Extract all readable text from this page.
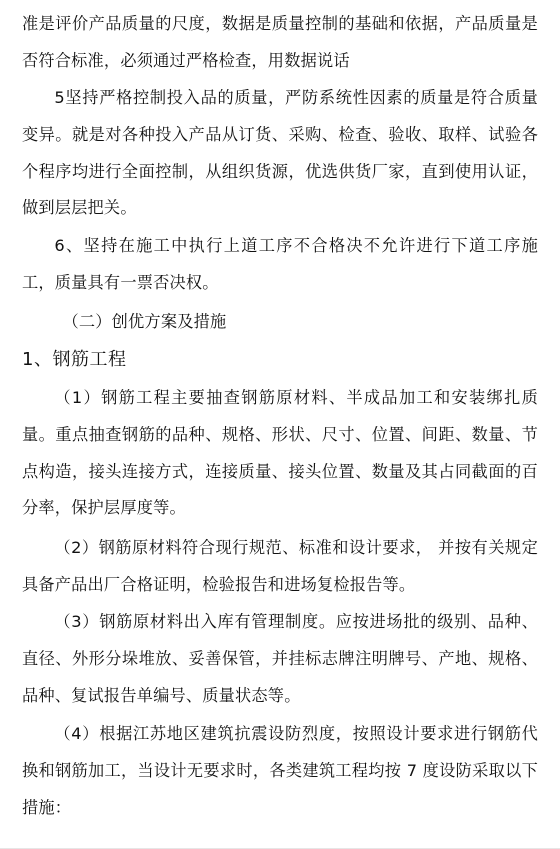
准是评价产品质量的尺度，数据是质量控制的基础和依据，产品质量是否符合标准，必须通过严格检查，用数据说话

5坚持严格控制投入品的质量，严防系统性因素的质量是符合质量变异。就是对各种投入产品从订货、采购、检查、验收、取样、试验各个程序均进行全面控制，从组织货源，优选供货厂家，直到使用认证，做到层层把关。

6、坚持在施工中执行上道工序不合格决不允许进行下道工序施工，质量具有一票否决权。

（二）创优方案及措施

1、钢筋工程

（1）钢筋工程主要抽查钢筋原材料、半成品加工和安装绑扎质量。重点抽查钢筋的品种、规格、形状、尺寸、位置、间距、数量、节点构造，接头连接方式，连接质量、接头位置、数量及其占同截面的百分率，保护层厚度等。

（2）钢筋原材料符合现行规范、标准和设计要求， 并按有关规定具备产品出厂合格证明，检验报告和进场复检报告等。

（3）钢筋原材料出入库有管理制度。应按进场批的级别、品种、直径、外形分垛堆放、妥善保管，并挂标志牌注明牌号、产地、规格、品种、复试报告单编号、质量状态等。

（4）根据江苏地区建筑抗震设防烈度，按照设计要求进行钢筋代换和钢筋加工，当设计无要求时，各类建筑工程均按 7 度设防采取以下措施：
